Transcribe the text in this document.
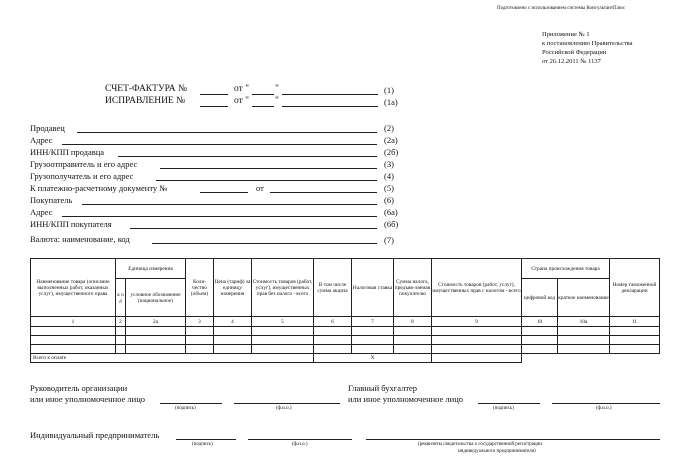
Подготовлено с использованием системы КонсультантПлюс
Приложение № 1
к постановлению Правительства
Российской Федерации
от 26.12.2011 № 1137
СЧЕТ-ФАКТУРА №	от "	"	(1)
ИСПРАВЛЕНИЕ №	от "	"	(1а)
Продавец	(2)
Адрес	(2а)
ИНН/КПП продавца	(2б)
Грузоотправитель и его адрес	(3)
Грузополучатель и его адрес	(4)
К платежно-расчетному документу №	от	(5)
Покупатель	(6)
Адрес	(6а)
ИНН/КПП покупателя	(6б)
Валюта: наименование, код	(7)
Наименование товара (описание выполненных работ, оказанных услуг), имущественного права	Единица измерения		Коли-чество (объем)	Цена (тариф) за единицу измерения	Стоимость товаров (работ, услуг), имущественных прав без налога - всего	В том числе сумма акциза	Налоговая ставка	Сумма налога, предъяв-ляемая покупателю	Стоимость товаров (работ, услуг), имущественных прав с налогом - всего	Страна происхождения товара		Номер таможенной декларации
	к о д	условное обозначение (национальное)								цифровой код	краткое наименование	
1	2	2а	3	4	5	6	7	8	9	10	10а	11

Всего к оплате						X						
Руководитель организации
или иное уполномоченное лицо
(подпись)	(ф.и.о.)
Главный бухгалтер
или иное уполномоченное лицо
(подпись)	(ф.и.о.)
Индивидуальный предприниматель
(подпись)	(ф.и.о.)	(реквизиты свидетельства о государственной регистрации
индивидуального предпринимателя)
